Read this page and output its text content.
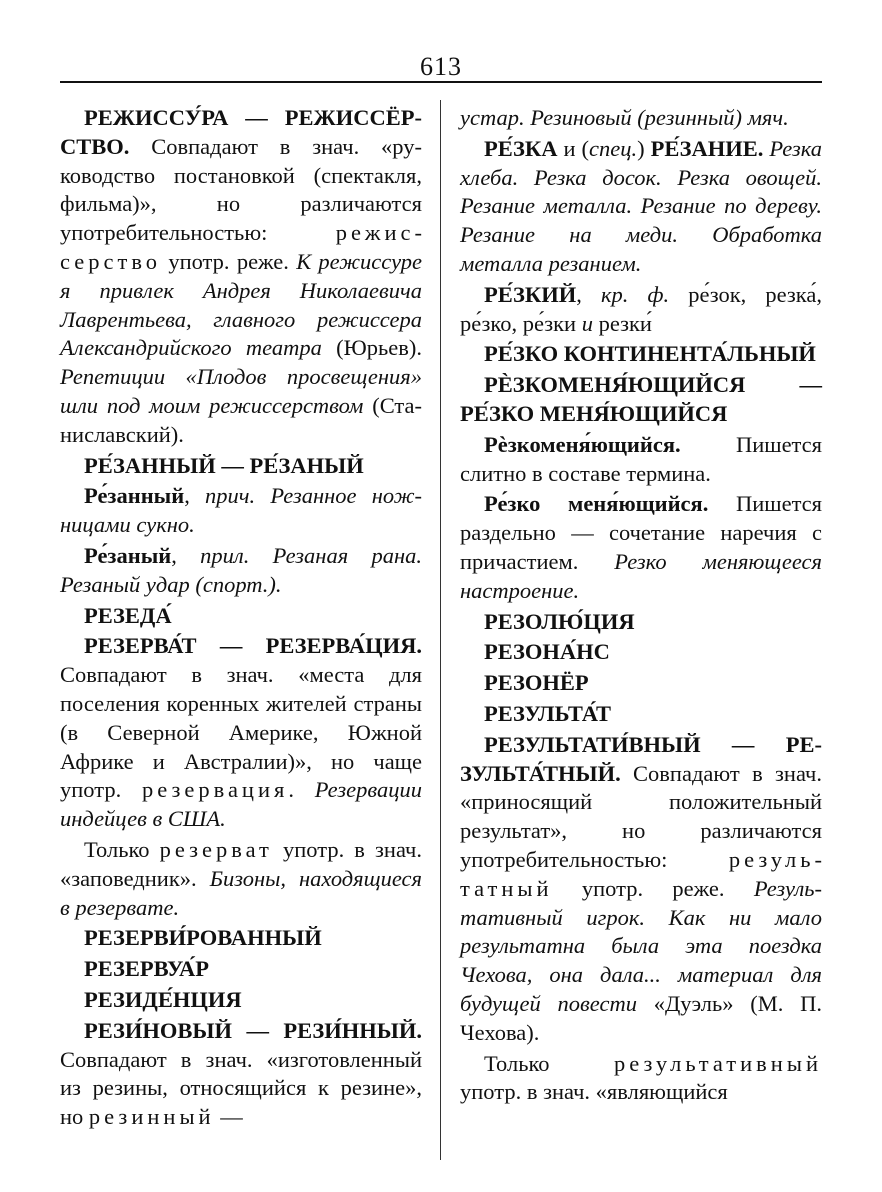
613

РЕЖИССУ́РА — РЕЖИССЁРСТВО. Совпадают в знач. «руководство постановкой (спектакля, фильма)», но различаются употребительностью: режиссерство употр. реже. К режиссуре я привлек Андрея Николаевича Лаврентьева, главного режиссера Александрийского театра (Юрьев). Репетиции «Плодов просвещения» шли под моим режиссерством (Станиславский).

РЕ́ЗАННЫЙ — РЕ́ЗАНЫЙ

Ре́занный, прич. Резанное ножницами сукно.

Ре́заный, прил. Резаная рана. Резаный удар (спорт.).

РЕЗЕДА́

РЕЗЕРВА́Т — РЕЗЕРВА́ЦИЯ. Совпадают в знач. «места для поселения коренных жителей страны (в Северной Америке, Южной Африке и Австралии)», но чаще употр. резервация. Резервации индейцев в США.

Только резерват употр. в знач. «заповедник». Бизоны, находящиеся в резервате.

РЕЗЕРВИ́РОВАННЫЙ

РЕЗЕРВУА́Р

РЕЗИДЕ́НЦИЯ

РЕЗИ́НОВЫЙ — РЕЗИ́ННЫЙ. Совпадают в знач. «изготовленный из резины, относящийся к резине», но резинный —

устар. Резиновый (резинный) мяч.

РЕ́ЗКА и (спец.) РЕ́ЗАНИЕ. Резка хлеба. Резка досок. Резка овощей. Резание металла. Резание по дереву. Резание на меди. Обработка металла резанием.

РЕ́ЗКИЙ, кр. ф. ре́зок, резка́, ре́зко, ре́зки и резки́

РЕ́ЗКО КОНТИНЕНТА́ЛЬНЫЙ

РЀЗКОМЕНЯ́ЮЩИЙСЯ — РЕ́ЗКО МЕНЯ́ЮЩИЙСЯ

Рѐзкоменя́ющийся. Пишется слитно в составе термина.

Ре́зко меня́ющийся. Пишется раздельно — сочетание наречия с причастием. Резко меняющееся настроение.

РЕЗОЛЮ́ЦИЯ

РЕЗОНА́НС

РЕЗОНЁР

РЕЗУЛЬТА́Т

РЕЗУЛЬТАТИ́ВНЫЙ — РЕЗУЛЬТА́ТНЫЙ. Совпадают в знач. «приносящий положительный результат», но различаются употребительностью: результатный употр. реже. Результативный игрок. Как ни мало результатна была эта поездка Чехова, она дала... материал для будущей повести «Дуэль» (М. П. Чехова).

Только результативный употр. в знач. «являющийся
